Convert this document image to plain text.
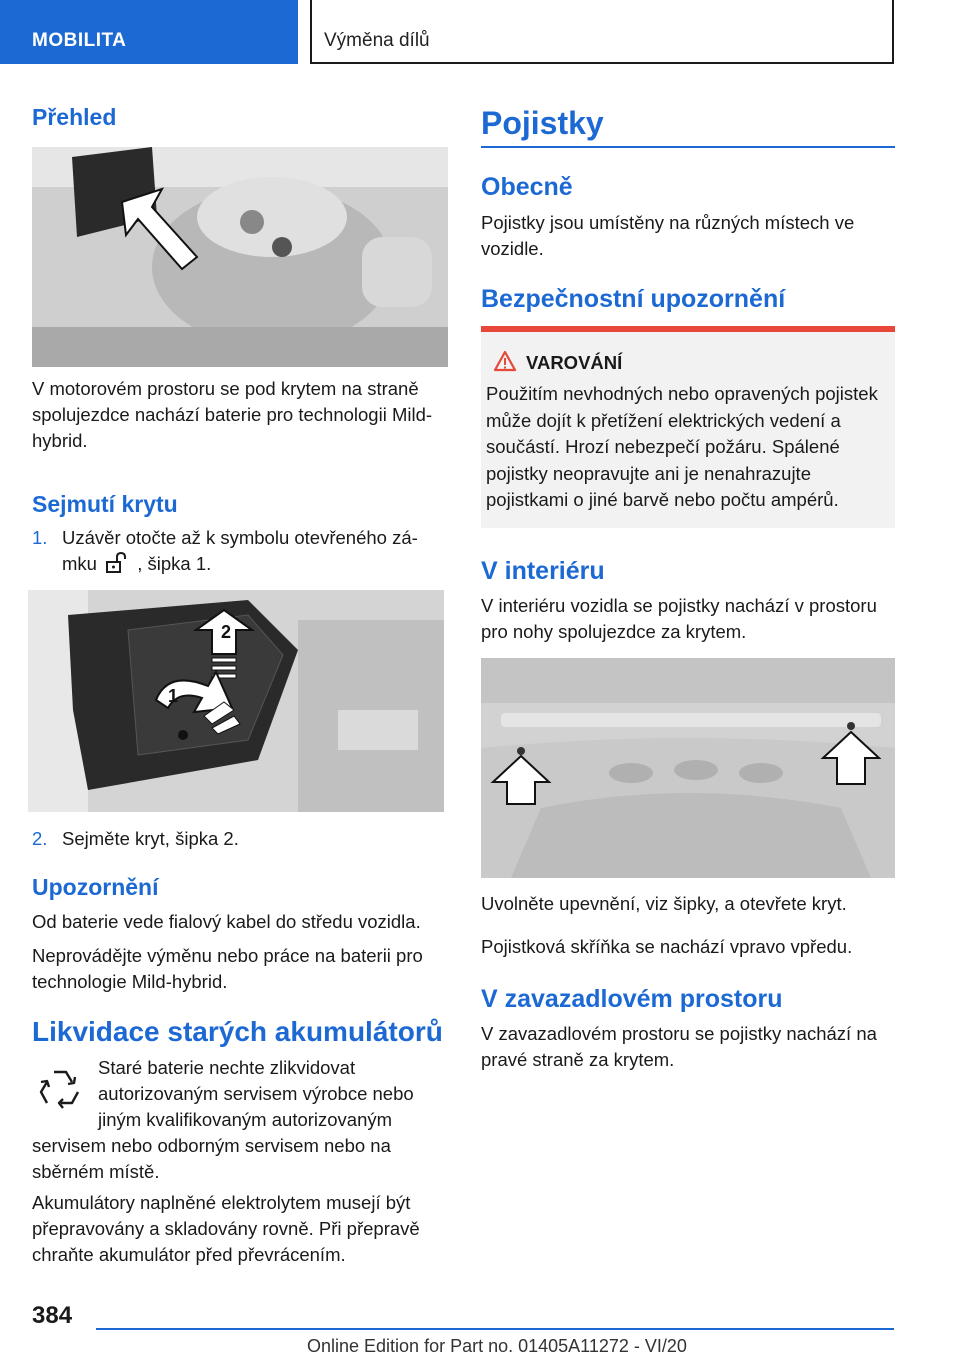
MOBILITA	Výměna dílů
Přehled
V motorovém prostoru se pod krytem na straně spolujezdce nachází baterie pro technologii Mild-hybrid.
Sejmutí krytu
1. Uzávěr otočte až k symbolu otevřeného zá-
mku , šipka 1.
2
1
2. Sejměte kryt, šipka 2.
Upozornění
Od baterie vede fialový kabel do středu vozidla.
Neprovádějte výměnu nebo práce na baterii pro technologie Mild-hybrid.
Likvidace starých akumulátorů
Staré baterie nechte zlikvidovat autorizovaným servisem výrobce nebo jiným kvalifikovaným autorizovaným servisem nebo odborným servisem nebo na sběrném místě.
Akumulátory naplněné elektrolytem musejí být přepravovány a skladovány rovně. Při přepravě chraňte akumulátor před převrácením.
Pojistky
Obecně
Pojistky jsou umístěny na různých místech ve vozidle.
Bezpečnostní upozornění
VAROVÁNÍ
Použitím nevhodných nebo opravených pojistek může dojít k přetížení elektrických vedení a součástí. Hrozí nebezpečí požáru. Spálené pojistky neopravujte ani je nenahrazujte pojistkami o jiné barvě nebo počtu ampérů.
V interiéru
V interiéru vozidla se pojistky nachází v prostoru pro nohy spolujezdce za krytem.
Uvolněte upevnění, viz šipky, a otevřete kryt.
Pojistková skříňka se nachází vpravo vpředu.
V zavazadlovém prostoru
V zavazadlovém prostoru se pojistky nachází na pravé straně za krytem.
384
Online Edition for Part no. 01405A11272 - VI/20
